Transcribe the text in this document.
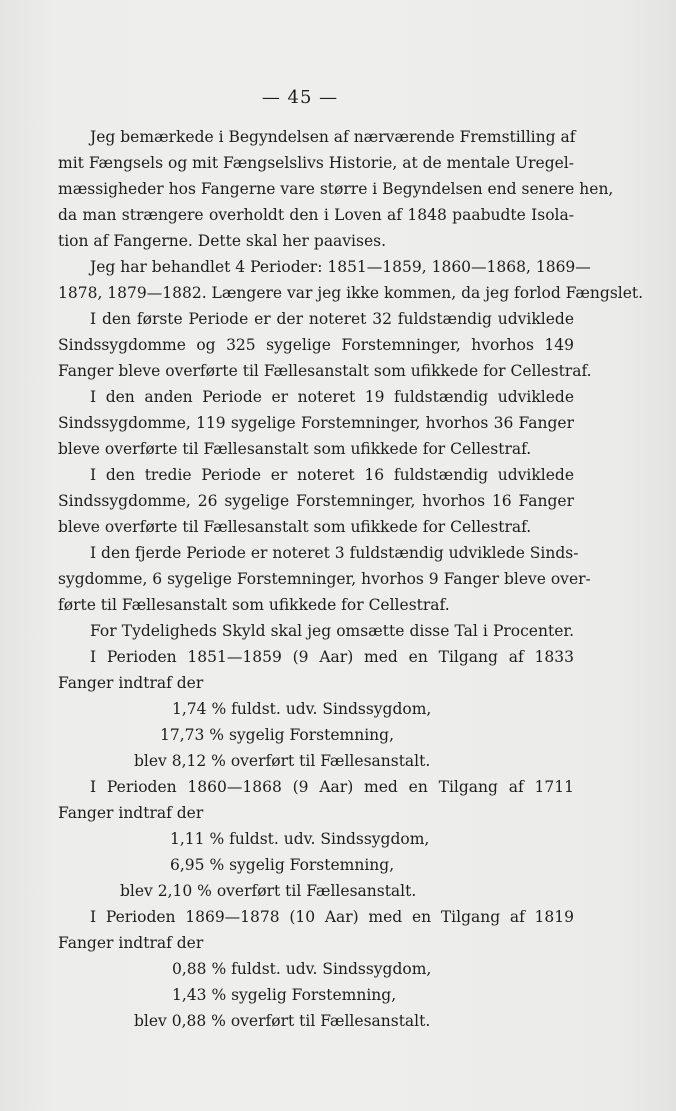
— 45 —
Jeg bemærkede i Begyndelsen af nærværende Fremstilling af
mit Fængsels og mit Fængselslivs Historie, at de mentale Uregel-
mæssigheder hos Fangerne vare større i Begyndelsen end senere hen,
da man strængere overholdt den i Loven af 1848 paabudte Isola-
tion af Fangerne. Dette skal her paavises.
Jeg har behandlet 4 Perioder: 1851—1859, 1860—1868, 1869—
1878, 1879—1882. Længere var jeg ikke kommen, da jeg forlod Fængslet.
I den første Periode er der noteret 32 fuldstændig udviklede
Sindssygdomme og 325 sygelige Forstemninger, hvorhos 149
Fanger bleve overførte til Fællesanstalt som ufikkede for Cellestraf.
I den anden Periode er noteret 19 fuldstændig udviklede
Sindssygdomme, 119 sygelige Forstemninger, hvorhos 36 Fanger
bleve overførte til Fællesanstalt som ufikkede for Cellestraf.
I den tredie Periode er noteret 16 fuldstændig udviklede
Sindssygdomme, 26 sygelige Forstemninger, hvorhos 16 Fanger
bleve overførte til Fællesanstalt som ufikkede for Cellestraf.
I den fjerde Periode er noteret 3 fuldstændig udviklede Sinds-
sygdomme, 6 sygelige Forstemninger, hvorhos 9 Fanger bleve over-
førte til Fællesanstalt som ufikkede for Cellestraf.
For Tydeligheds Skyld skal jeg omsætte disse Tal i Procenter.
I Perioden 1851—1859 (9 Aar) med en Tilgang af 1833
Fanger indtraf der
1,74 % fuldst. udv. Sindssygdom,
17,73 % sygelig Forstemning,
blev 8,12 % overført til Fællesanstalt.
I Perioden 1860—1868 (9 Aar) med en Tilgang af 1711
Fanger indtraf der
1,11 % fuldst. udv. Sindssygdom,
6,95 % sygelig Forstemning,
blev 2,10 % overført til Fællesanstalt.
I Perioden 1869—1878 (10 Aar) med en Tilgang af 1819
Fanger indtraf der
0,88 % fuldst. udv. Sindssygdom,
1,43 % sygelig Forstemning,
blev 0,88 % overført til Fællesanstalt.
